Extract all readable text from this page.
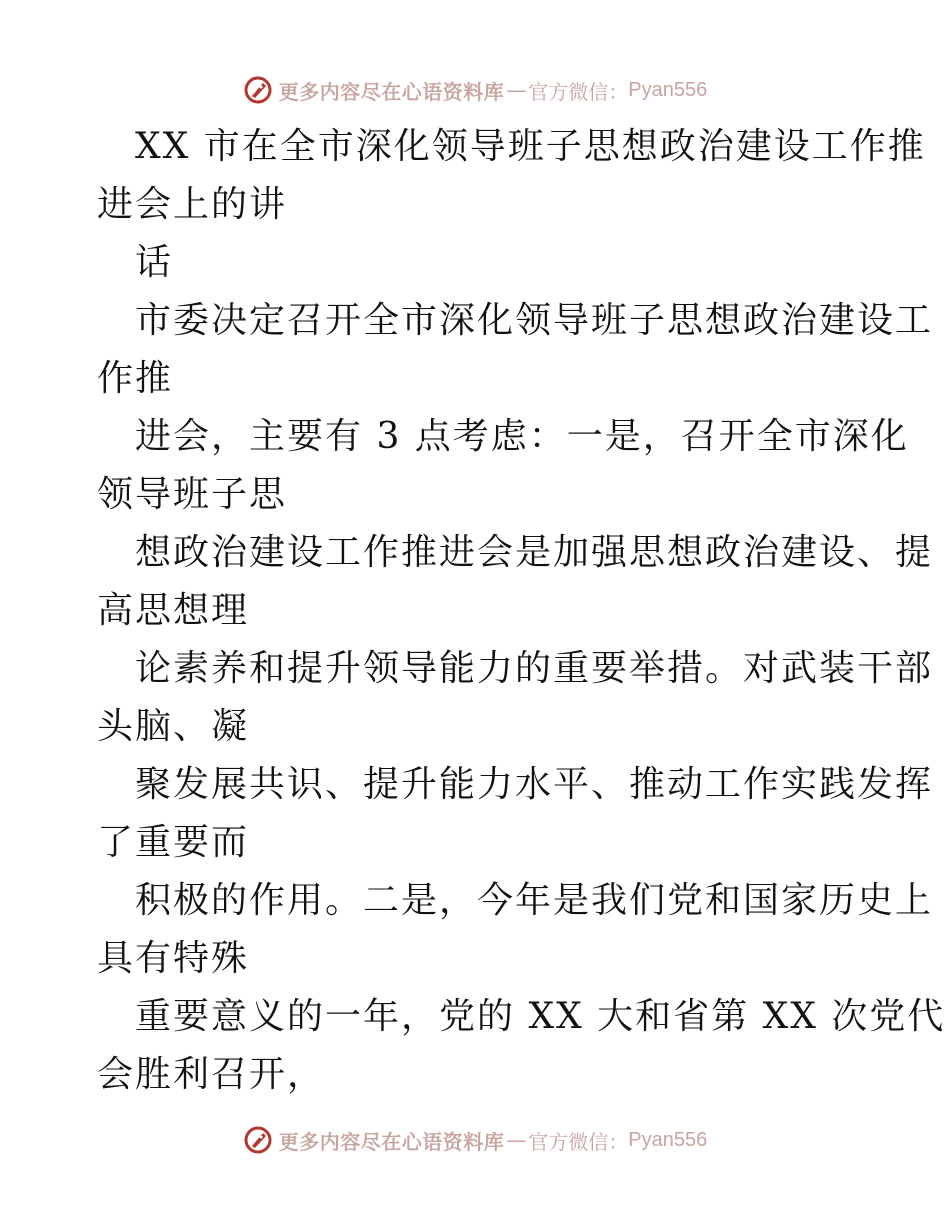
更多内容尽在心语资料库 — 官方微信： Pyan556
XX 市在全市深化领导班子思想政治建设工作推
进会上的讲
话
市委决定召开全市深化领导班子思想政治建设工
作推
进会，主要有 3 点考虑：一是，召开全市深化
领导班子思
想政治建设工作推进会是加强思想政治建设、提
高思想理
论素养和提升领导能力的重要举措。对武装干部
头脑、凝
聚发展共识、提升能力水平、推动工作实践发挥
了重要而
积极的作用。二是，今年是我们党和国家历史上
具有特殊
重要意义的一年，党的 XX 大和省第 XX 次党代
会胜利召开，
更多内容尽在心语资料库 — 官方微信： Pyan556
